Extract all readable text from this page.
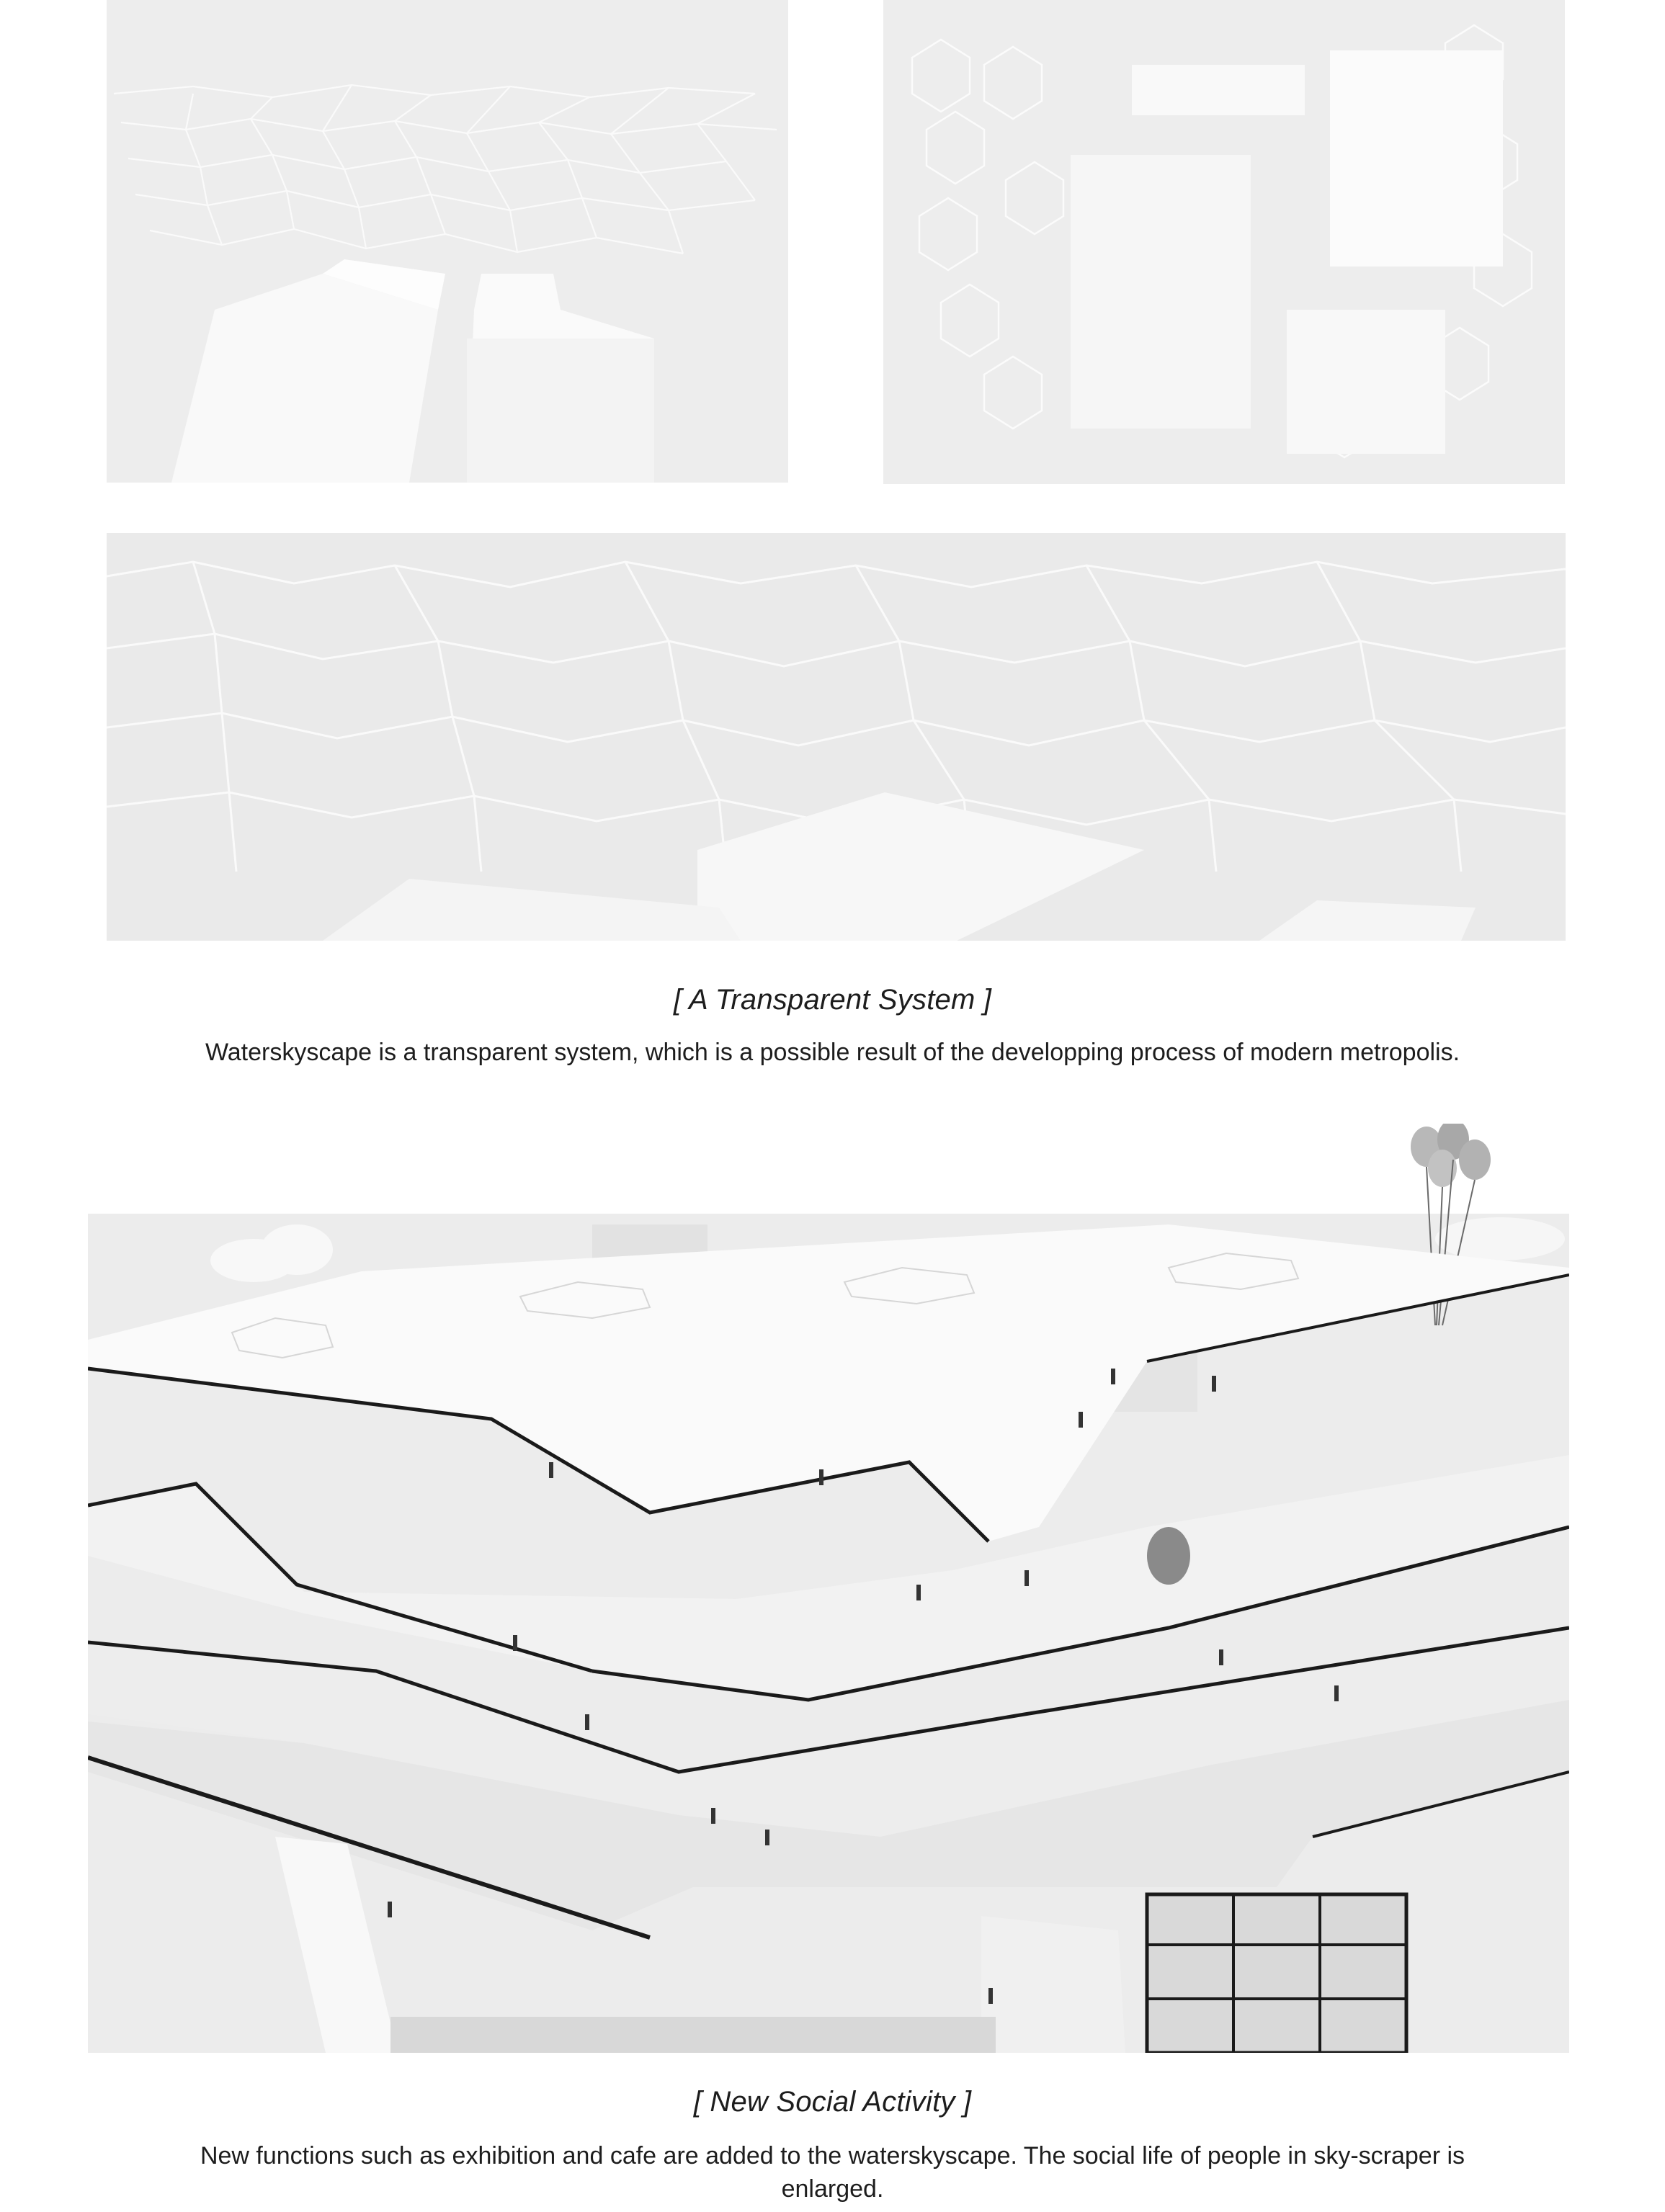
[ A Transparent System ]
Waterskyscape is a transparent system, which is a possible result of the developping process of modern metropolis.
[ New Social Activity ]
New functions such as exhibition and cafe are added to the waterskyscape. The social life of people in sky-scraper is enlarged.
